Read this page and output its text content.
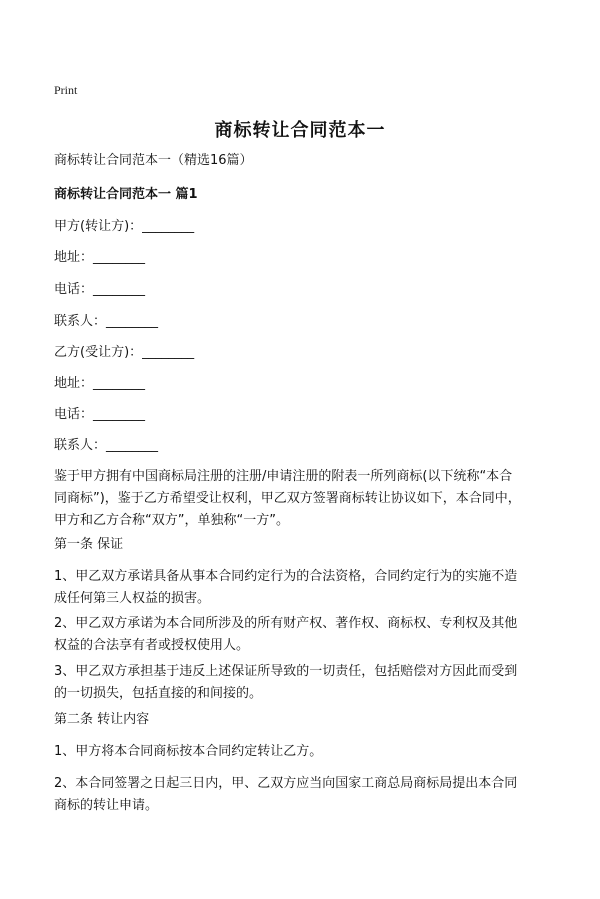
Print
商标转让合同范本一
商标转让合同范本一（精选16篇）
商标转让合同范本一 篇1
甲方(转让方)：________
地址：________
电话：________
联系人：________
乙方(受让方)：________
地址：________
电话：________
联系人：________
鉴于甲方拥有中国商标局注册的注册/申请注册的附表一所列商标(以下统称“本合
同商标”)，鉴于乙方希望受让权利，甲乙双方签署商标转让协议如下，本合同中，
甲方和乙方合称“双方”，单独称“一方”。
第一条 保证
1、甲乙双方承诺具备从事本合同约定行为的合法资格，合同约定行为的实施不造
成任何第三人权益的损害。
2、甲乙双方承诺为本合同所涉及的所有财产权、著作权、商标权、专利权及其他
权益的合法享有者或授权使用人。
3、甲乙双方承担基于违反上述保证所导致的一切责任，包括赔偿对方因此而受到
的一切损失，包括直接的和间接的。
第二条 转让内容
1、甲方将本合同商标按本合同约定转让乙方。
2、本合同签署之日起三日内，甲、乙双方应当向国家工商总局商标局提出本合同
商标的转让申请。
